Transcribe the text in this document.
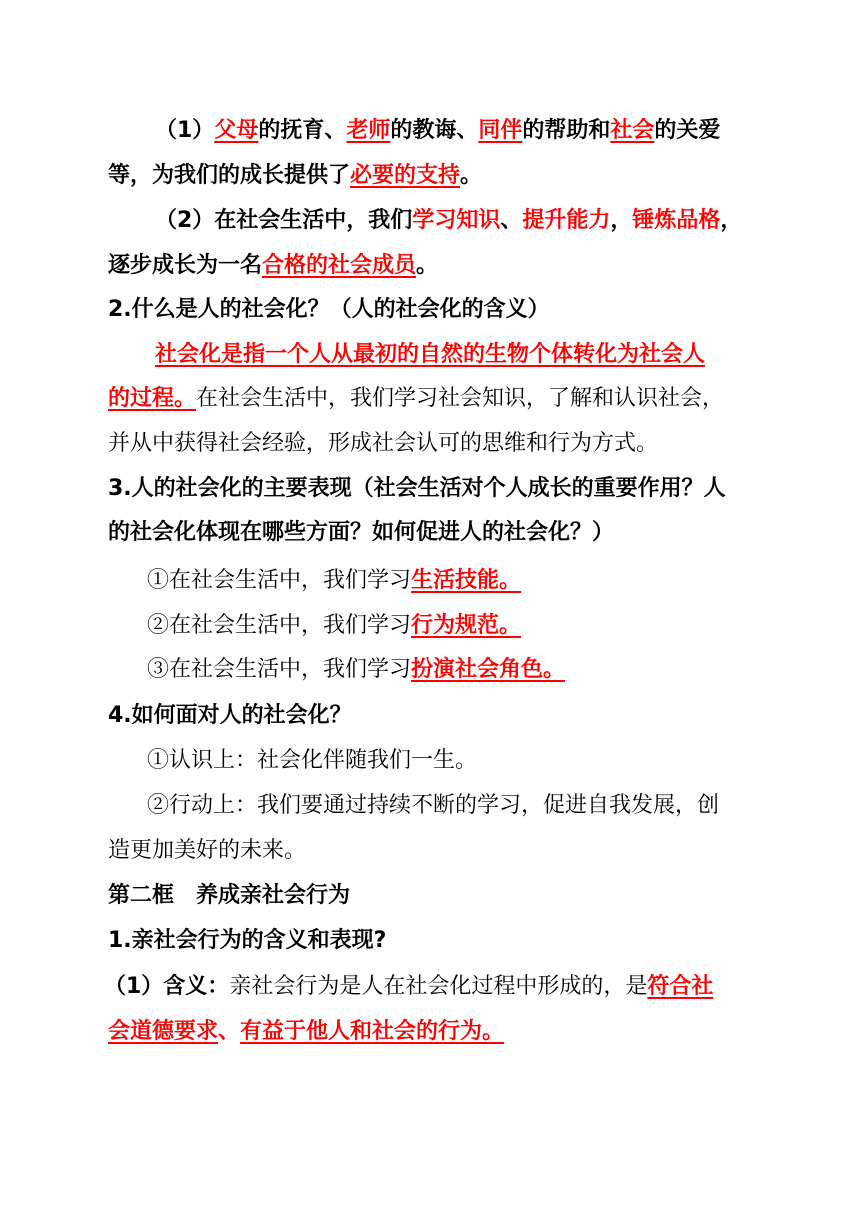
（1）父母的抚育、老师的教诲、同伴的帮助和社会的关爱
等，为我们的成长提供了必要的支持。
（2）在社会生活中，我们学习知识、提升能力，锤炼品格，
逐步成长为一名合格的社会成员。
2.什么是人的社会化？（人的社会化的含义）
社会化是指一个人从最初的自然的生物个体转化为社会人
的过程。在社会生活中，我们学习社会知识，了解和认识社会，
并从中获得社会经验，形成社会认可的思维和行为方式。
3.人的社会化的主要表现（社会生活对个人成长的重要作用？人
的社会化体现在哪些方面？如何促进人的社会化？）
①在社会生活中，我们学习生活技能。
②在社会生活中，我们学习行为规范。
③在社会生活中，我们学习扮演社会角色。
4.如何面对人的社会化？
①认识上：社会化伴随我们一生。
②行动上：我们要通过持续不断的学习，促进自我发展，创
造更加美好的未来。
第二框 养成亲社会行为
1.亲社会行为的含义和表现?
（1）含义：亲社会行为是人在社会化过程中形成的，是符合社
会道德要求、有益于他人和社会的行为。
